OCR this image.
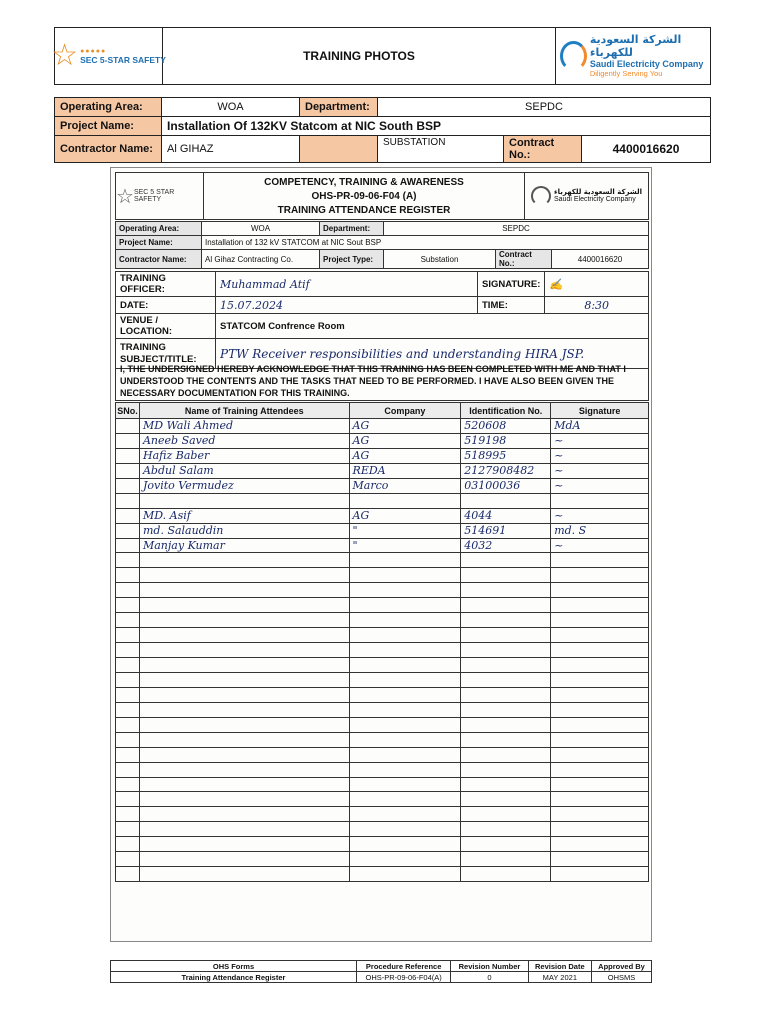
☆ ●●●●●
SEC 5-STAR SAFETY	TRAINING PHOTOS
الشركة السعودية للكهرباء
Saudi Electricity Company
Diligently Serving You
Operating Area:	WOA	Department:	SEPDC		
Project Name:	Installation Of 132KV Statcom at NIC South BSP				
Contractor Name:	Al GIHAZ		SUBSTATION	Contract No.:	4400016620
☆ SEC 5 STAR SAFETY
COMPETENCY, TRAINING & AWARENESS
OHS-PR-09-06-F04 (A)
TRAINING ATTENDANCE REGISTER
الشركة السعودية للكهرباء
Saudi Electricity Company
Operating Area:	WOA	Department:	SEPDC		
Project Name:	Installation of 132 kV STATCOM at NIC Sout BSP				
Contractor Name:	Al Gihaz Contracting Co.	Project Type:	Substation	Contract No.:	4400016620
TRAINING OFFICER:	Muhammad Atif	SIGNATURE:	✍
DATE:	15.07.2024	TIME:	8:30
VENUE / LOCATION:	STATCOM Confrence Room		

TRAINING
SUBJECT/TITLE:	PTW Receiver responsibilities and understanding HIRA JSP.		
I, THE UNDERSIGNED HEREBY ACKNOWLEDGE THAT THIS TRAINING HAS BEEN COMPLETED WITH ME AND THAT I UNDERSTOOD THE CONTENTS AND THE TASKS THAT NEED TO BE PERFORMED. I HAVE ALSO BEEN GIVEN THE NECESSARY DOCUMENTATION FOR THIS TRAINING.
SNo.	Name of Training Attendees	Company	Identification No.	Signature
	MD Wali Ahmed	AG	520608	MdA
	Aneeb Saved	AG	519198	~
	Hafiz Baber	AG	518995	~
	Abdul Salam	REDA	2127908482	~
	Jovito Vermudez	Marco	03100036	~

	MD. Asif	AG	4044	~
	md. Salauddin	"	514691	md. S
	Manjay Kumar	"	4032	~

OHS Forms	Procedure Reference	Revision Number	Revision Date	Approved By
Training Attendance Register	OHS-PR-09-06-F04(A)	0	MAY 2021	OHSMS
